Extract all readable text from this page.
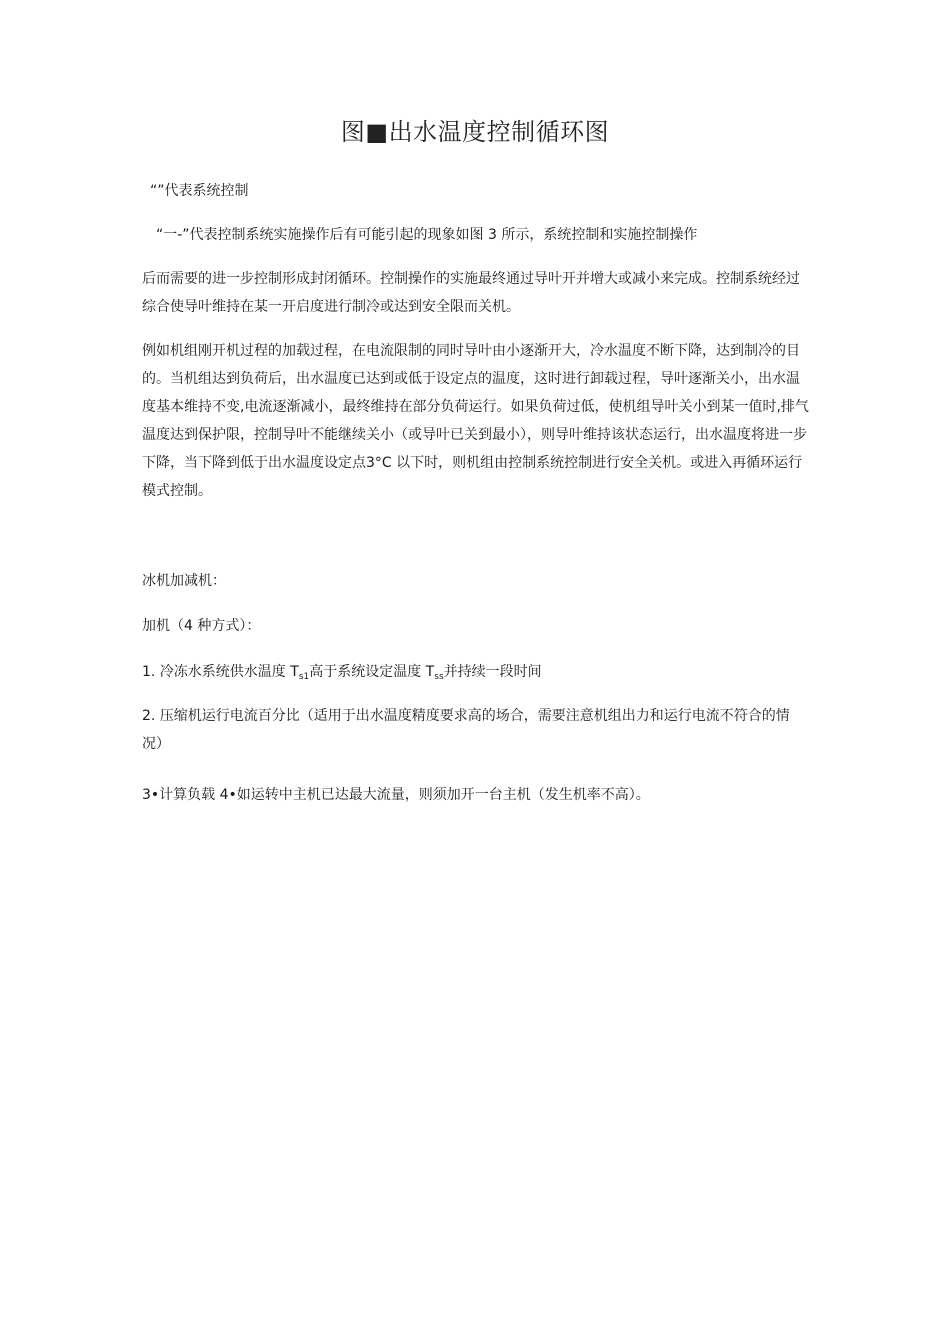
图■出水温度控制循环图
“”代表系统控制
“一-”代表控制系统实施操作后有可能引起的现象如图 3 所示，系统控制和实施控制操作
后而需要的进一步控制形成封闭循环。控制操作的实施最终通过导叶开并增大或减小来完成。控制系统经过综合使导叶维持在某一开启度进行制冷或达到安全限而关机。
例如机组刚开机过程的加载过程，在电流限制的同时导叶由小逐渐开大，冷水温度不断下降，达到制冷的目的。当机组达到负荷后，出水温度已达到或低于设定点的温度，这时进行卸载过程，导叶逐渐关小，出水温度基本维持不变,电流逐渐减小，最终维持在部分负荷运行。如果负荷过低，使机组导叶关小到某一值时,排气温度达到保护限，控制导叶不能继续关小（或导叶已关到最小），则导叶维持该状态运行，出水温度将进一步下降，当下降到低于出水温度设定点3°C 以下时，则机组由控制系统控制进行安全关机。或进入再循环运行模式控制。
冰机加减机：
加机（4 种方式）：
1. 冷冻水系统供水温度 $T_{s1}$高于系统设定温度 $T_{ss}$并持续一段时间
2. 压缩机运行电流百分比（适用于出水温度精度要求高的场合，需要注意机组出力和运行电流不符合的情况）
3•计算负载 4•如运转中主机已达最大流量，则须加开一台主机（发生机率不高）。
